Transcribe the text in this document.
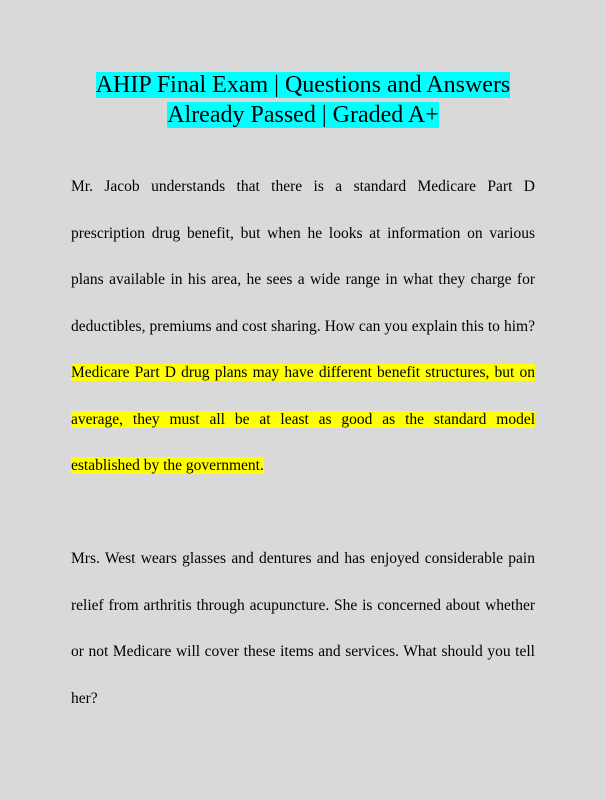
AHIP Final Exam | Questions and Answers Already Passed | Graded A+
Mr. Jacob understands that there is a standard Medicare Part D prescription drug benefit, but when he looks at information on various plans available in his area, he sees a wide range in what they charge for deductibles, premiums and cost sharing. How can you explain this to him? Medicare Part D drug plans may have different benefit structures, but on average, they must all be at least as good as the standard model established by the government.
Mrs. West wears glasses and dentures and has enjoyed considerable pain relief from arthritis through acupuncture. She is concerned about whether or not Medicare will cover these items and services. What should you tell her?
